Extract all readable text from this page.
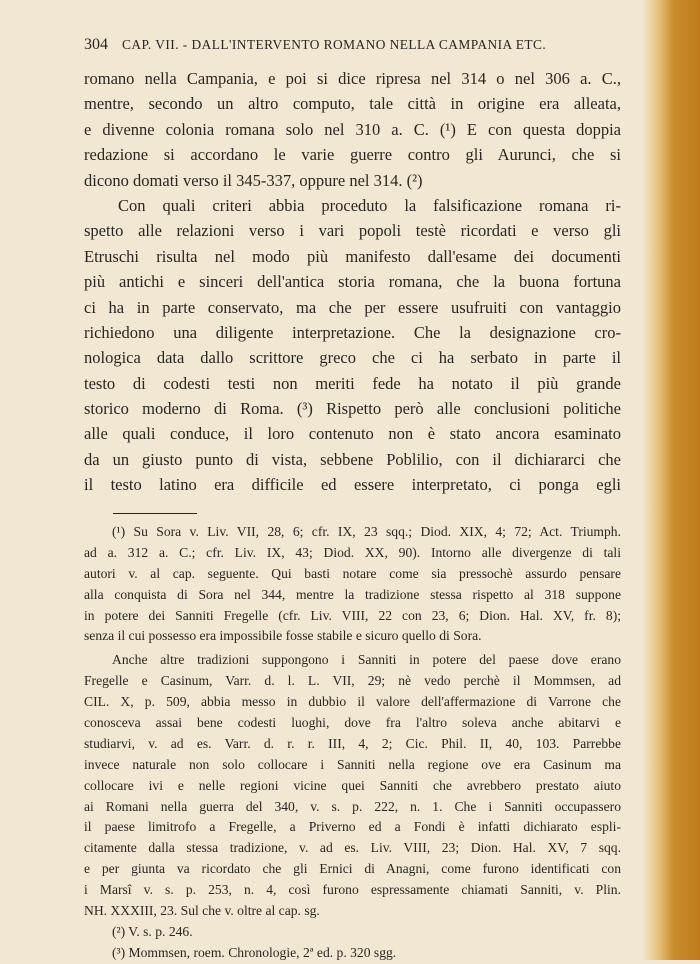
304 CAP. VII. - DALL'INTERVENTO ROMANO NELLA CAMPANIA ETC.
romano nella Campania, e poi si dice ripresa nel 314 o nel 306 a. C.,
mentre, secondo un altro computo, tale città in origine era alleata,
e divenne colonia romana solo nel 310 a. C. (¹) E con questa doppia
redazione si accordano le varie guerre contro gli Aurunci, che si
dicono domati verso il 345-337, oppure nel 314. (²)
Con quali criteri abbia proceduto la falsificazione romana ri-
spetto alle relazioni verso i vari popoli testè ricordati e verso gli
Etruschi risulta nel modo più manifesto dall'esame dei documenti
più antichi e sinceri dell'antica storia romana, che la buona fortuna
ci ha in parte conservato, ma che per essere usufruiti con vantaggio
richiedono una diligente interpretazione. Che la designazione cro-
nologica data dallo scrittore greco che ci ha serbato in parte il
testo di codesti testi non meriti fede ha notato il più grande
storico moderno di Roma. (³) Rispetto però alle conclusioni politiche
alle quali conduce, il loro contenuto non è stato ancora esaminato
da un giusto punto di vista, sebbene Poblilio, con il dichiararci che
il testo latino era difficile ed essere interpretato, ci ponga egli
(¹) Su Sora v. Liv. VII, 28, 6; cfr. IX, 23 sqq.; Diod. XIX, 4; 72; Act. Triumph.
ad a. 312 a. C.; cfr. Liv. IX, 43; Diod. XX, 90). Intorno alle divergenze di tali
autori v. al cap. seguente. Qui basti notare come sia pressochè assurdo pensare
alla conquista di Sora nel 344, mentre la tradizione stessa rispetto al 318 suppone
in potere dei Sanniti Fregelle (cfr. Liv. VIII, 22 con 23, 6; Dion. Hal. XV, fr. 8);
senza il cui possesso era impossibile fosse stabile e sicuro quello di Sora.
Anche altre tradizioni suppongono i Sanniti in potere del paese dove erano
Fregelle e Casinum, Varr. d. l. L. VII, 29; nè vedo perchè il Mommsen, ad
CIL. X, p. 509, abbia messo in dubbio il valore dell'affermazione di Varrone che
conosceva assai bene codesti luoghi, dove fra l'altro soleva anche abitarvi e
studiarvi, v. ad es. Varr. d. r. r. III, 4, 2; Cic. Phil. II, 40, 103. Parrebbe
invece naturale non solo collocare i Sanniti nella regione ove era Casinum ma
collocare ivi e nelle regioni vicine quei Sanniti che avrebbero prestato aiuto
ai Romani nella guerra del 340, v. s. p. 222, n. 1. Che i Sanniti occupassero
il paese limitrofo a Fregelle, a Priverno ed a Fondi è infatti dichiarato espli-
citamente dalla stessa tradizione, v. ad es. Liv. VIII, 23; Dion. Hal. XV, 7 sqq.
e per giunta va ricordato che gli Ernici di Anagni, come furono identificati con
i Marsî v. s. p. 253, n. 4, così furono espressamente chiamati Sanniti, v. Plin.
NH. XXXIII, 23. Sul che v. oltre al cap. sg.
(²) V. s. p. 246.
(³) Mommsen, roem. Chronologie, 2ª ed. p. 320 sgg.
